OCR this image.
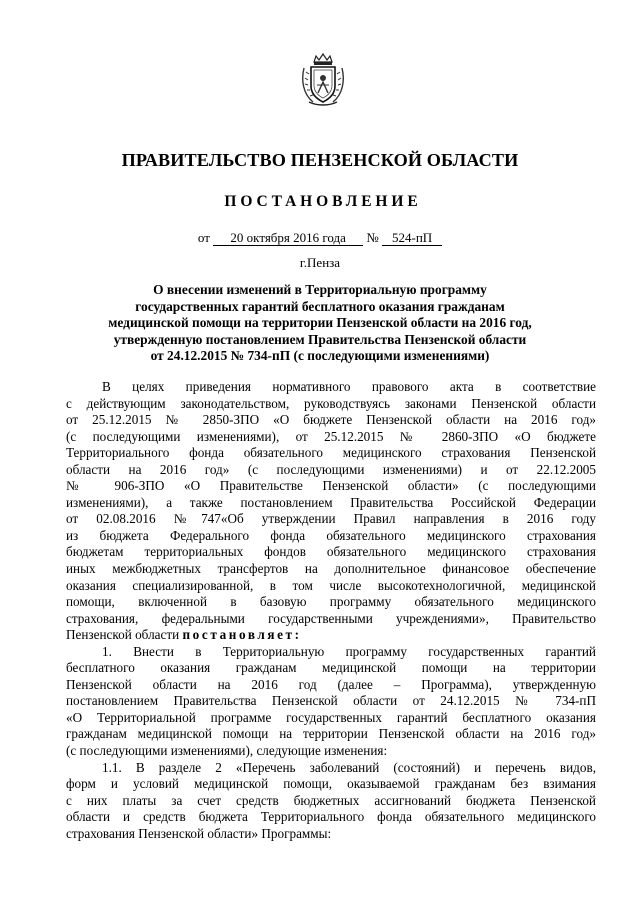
ПРАВИТЕЛЬСТВО ПЕНЗЕНСКОЙ ОБЛАСТИ
ПОСТАНОВЛЕНИЕ
от 20 октября 2016 года № 524-пП
г.Пенза
О внесении изменений в Территориальную программу
государственных гарантий бесплатного оказания гражданам
медицинской помощи на территории Пензенской области на 2016 год,
утвержденную постановлением Правительства Пензенской области
от 24.12.2015 № 734-пП (с последующими изменениями)
В целях приведения нормативного правового акта в соответствие
с действующим законодательством, руководствуясь законами Пензенской области
от 25.12.2015 № 2850-ЗПО «О бюджете Пензенской области на 2016 год»
(с последующими изменениями), от 25.12.2015 № 2860-ЗПО «О бюджете
Территориального фонда обязательного медицинского страхования Пензенской
области на 2016 год» (с последующими изменениями) и от 22.12.2005
№ 906-ЗПО «О Правительстве Пензенской области» (с последующими
изменениями), а также постановлением Правительства Российской Федерации
от 02.08.2016 №747«Об утверждении Правил направления в 2016 году
из бюджета Федерального фонда обязательного медицинского страхования
бюджетам территориальных фондов обязательного медицинского страхования
иных межбюджетных трансфертов на дополнительное финансовое обеспечение
оказания специализированной, в том числе высокотехнологичной, медицинской
помощи, включенной в базовую программу обязательного медицинского
страхования, федеральными государственными учреждениями», Правительство
Пензенской области постановляет:
1. Внести в Территориальную программу государственных гарантий
бесплатного оказания гражданам медицинской помощи на территории
Пензенской области на 2016 год (далее – Программа), утвержденную
постановлением Правительства Пензенской области от 24.12.2015 № 734-пП
«О Территориальной программе государственных гарантий бесплатного оказания
гражданам медицинской помощи на территории Пензенской области на 2016 год»
(с последующими изменениями), следующие изменения:
1.1. В разделе 2 «Перечень заболеваний (состояний) и перечень видов,
форм и условий медицинской помощи, оказываемой гражданам без взимания
с них платы за счет средств бюджетных ассигнований бюджета Пензенской
области и средств бюджета Территориального фонда обязательного медицинского
страхования Пензенской области» Программы:
